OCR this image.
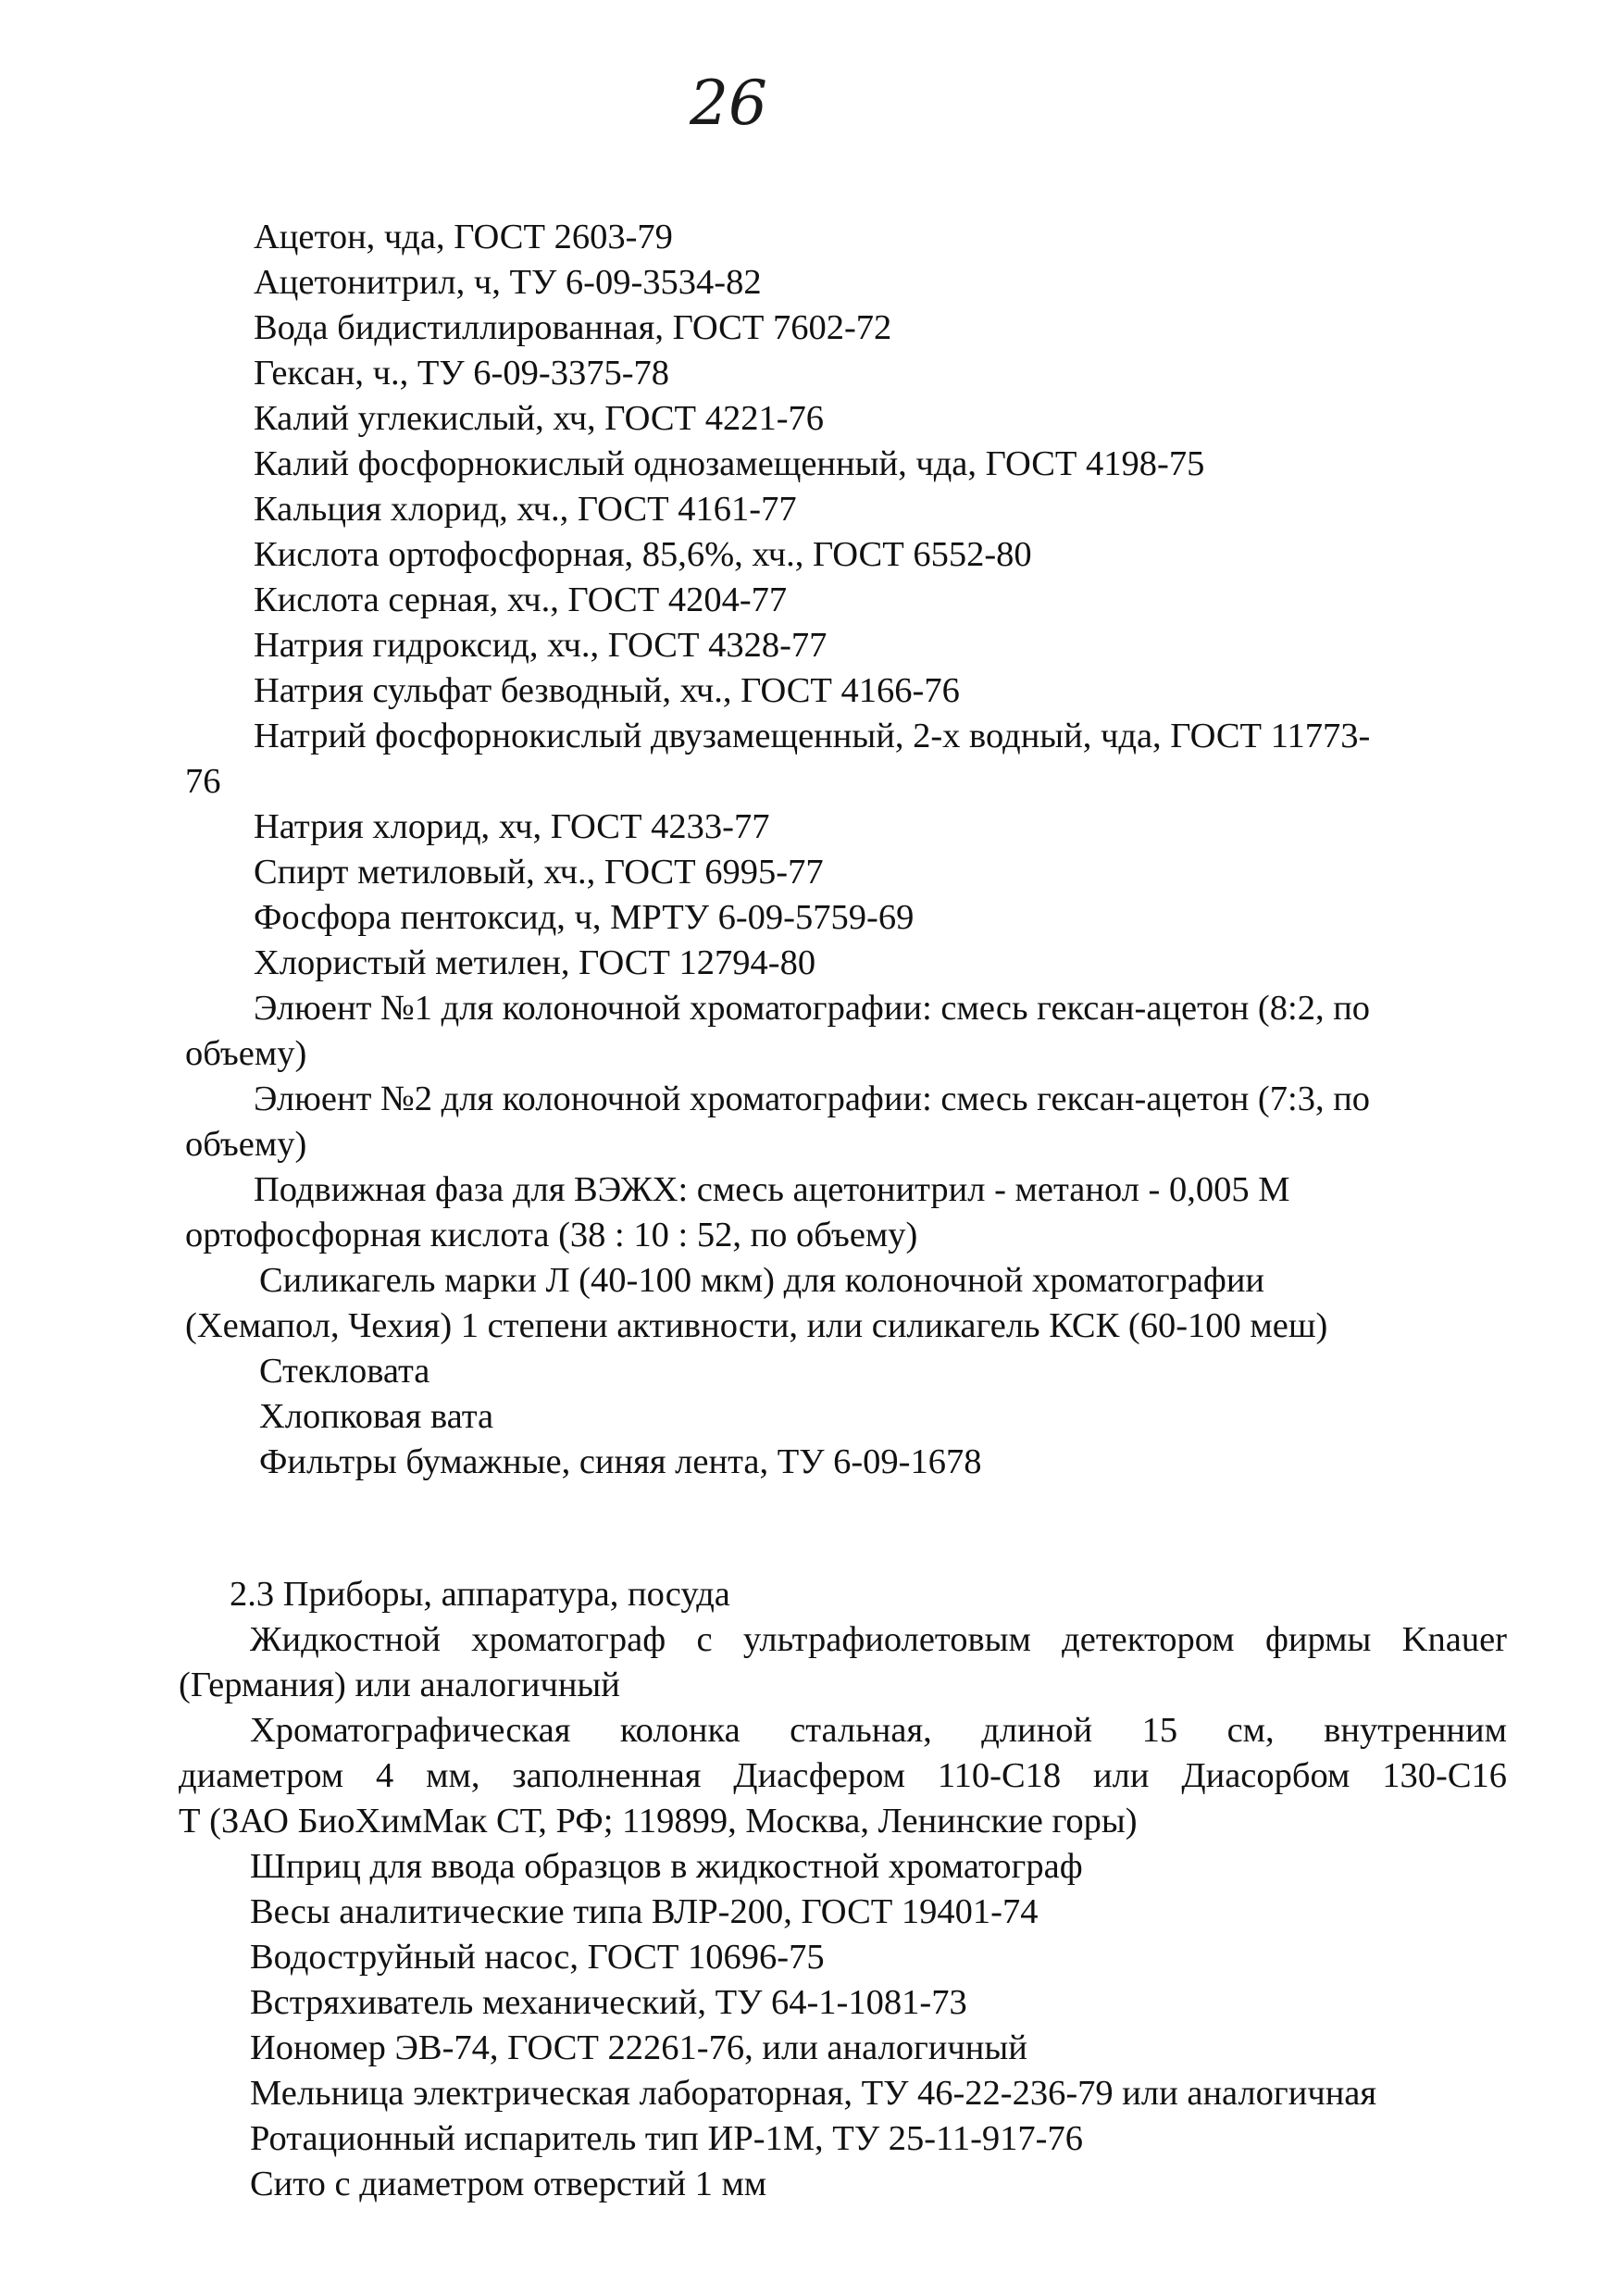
26
Ацетон, чда, ГОСТ 2603-79
Ацетонитрил, ч, ТУ 6-09-3534-82
Вода бидистиллированная, ГОСТ 7602-72
Гексан, ч., ТУ 6-09-3375-78
Калий углекислый, хч, ГОСТ 4221-76
Калий фосфорнокислый однозамещенный, чда, ГОСТ 4198-75
Кальция хлорид, хч., ГОСТ 4161-77
Кислота ортофосфорная, 85,6%, хч., ГОСТ 6552-80
Кислота серная, хч., ГОСТ 4204-77
Натрия гидроксид, хч., ГОСТ 4328-77
Натрия сульфат безводный, хч., ГОСТ 4166-76
Натрий фосфорнокислый двузамещенный, 2-х водный, чда, ГОСТ 11773-
76
Натрия хлорид, хч, ГОСТ 4233-77
Спирт метиловый, хч., ГОСТ 6995-77
Фосфора пентоксид, ч, МРТУ 6-09-5759-69
Хлористый метилен, ГОСТ 12794-80
Элюент №1 для колоночной хроматографии: смесь гексан-ацетон (8:2, по
объему)
Элюент №2 для колоночной хроматографии: смесь гексан-ацетон (7:3, по
объему)
Подвижная фаза для ВЭЖХ: смесь ацетонитрил - метанол - 0,005 М
ортофосфорная кислота (38 : 10 : 52, по объему)
Силикагель марки Л (40-100 мкм) для колоночной хроматографии
(Хемапол, Чехия) 1 степени активности, или силикагель КСК (60-100 меш)
Стекловата
Хлопковая вата
Фильтры бумажные, синяя лента, ТУ 6-09-1678
2.3 Приборы, аппаратура, посуда
Жидкостной хроматограф с ультрафиолетовым детектором фирмы Knauer
(Германия) или аналогичный
Хроматографическая колонка стальная, длиной 15 см, внутренним
диаметром 4 мм, заполненная Диасфером 110-С18 или Диасорбом 130-С16
Т (ЗАО БиоХимМак СТ, РФ; 119899, Москва, Ленинские горы)
Шприц для ввода образцов в жидкостной хроматограф
Весы аналитические типа ВЛР-200, ГОСТ 19401-74
Водоструйный насос, ГОСТ 10696-75
Встряхиватель механический, ТУ 64-1-1081-73
Иономер ЭВ-74, ГОСТ 22261-76, или аналогичный
Мельница электрическая лабораторная, ТУ 46-22-236-79 или аналогичная
Ротационный испаритель тип ИР-1М, ТУ 25-11-917-76
Сито с диаметром отверстий 1 мм
